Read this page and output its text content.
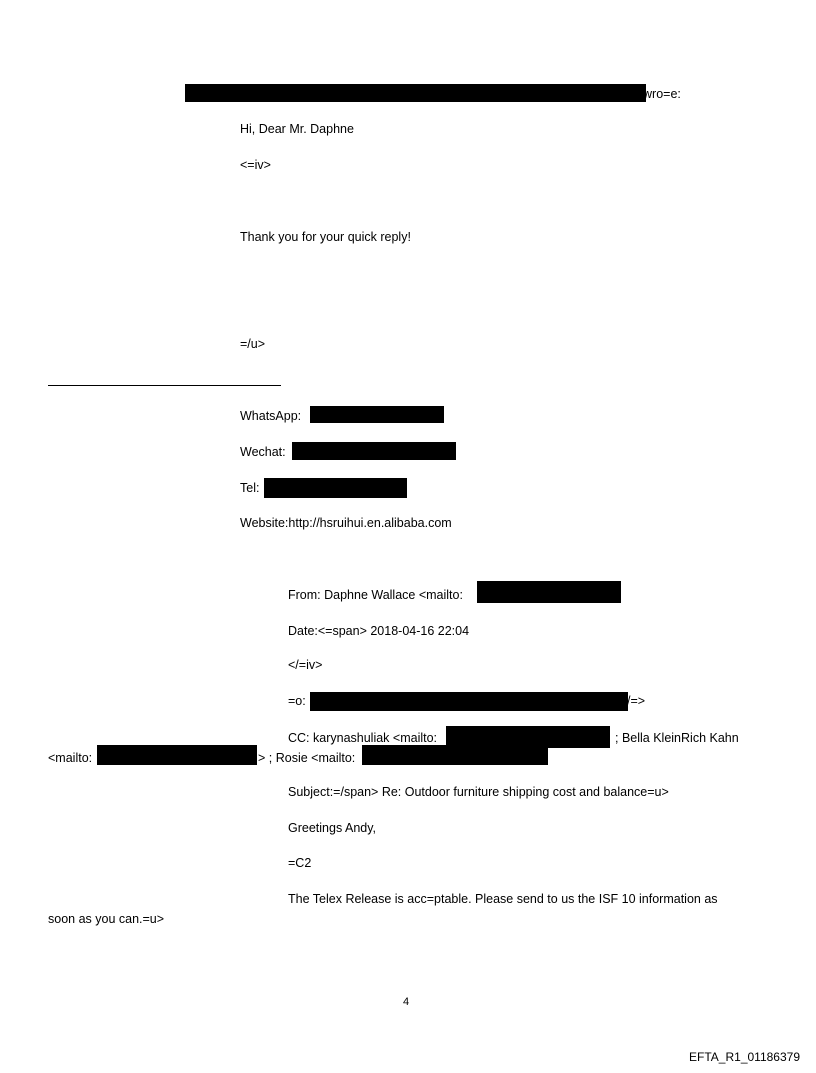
wro=e:
Hi, Dear Mr. Daphne
<=iv>
Thank you for your quick reply!
=/u>
WhatsApp:
Wechat:
Tel:
Website:http://hsruihui.en.alibaba.com
From: Daphne Wallace <mailto:
Date:<=span> 2018-04-16 22:04
</=iv>
=o:	/=>
CC: karynashuliak <mailto:	; Bella KleinRich Kahn
<mailto:	> ; Rosie <mailto:
Subject:=/span> Re: Outdoor furniture shipping cost and balance=u>
Greetings Andy,
=C2
The Telex Release is acc=ptable. Please send to us the ISF 10 information as
soon as you can.=u>
4
EFTA_R1_01186379
